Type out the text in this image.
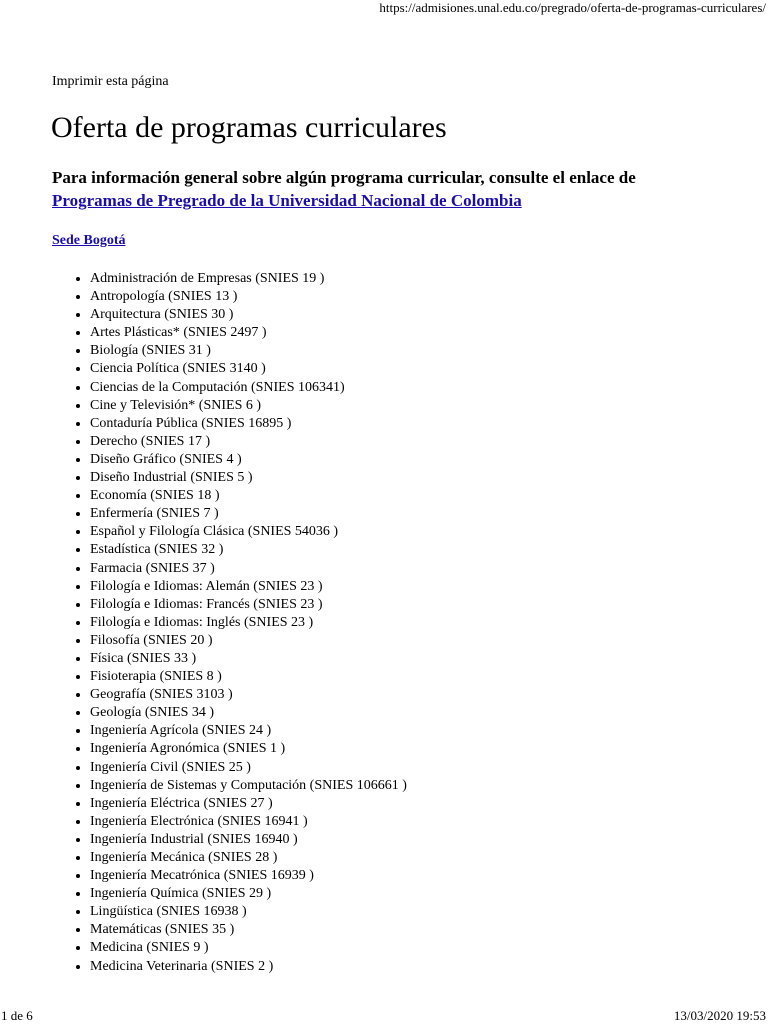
https://admisiones.unal.edu.co/pregrado/oferta-de-programas-curriculares/
Imprimir esta página
Oferta de programas curriculares
Para información general sobre algún programa curricular, consulte el enlace de
Programas de Pregrado de la Universidad Nacional de Colombia
Sede Bogotá
• Administración de Empresas (SNIES 19 )
• Antropología (SNIES 13 )
• Arquitectura (SNIES 30 )
• Artes Plásticas* (SNIES 2497 )
• Biología (SNIES 31 )
• Ciencia Política (SNIES 3140 )
• Ciencias de la Computación (SNIES 106341)
• Cine y Televisión* (SNIES 6 )
• Contaduría Pública (SNIES 16895 )
• Derecho (SNIES 17 )
• Diseño Gráfico (SNIES 4 )
• Diseño Industrial (SNIES 5 )
• Economía (SNIES 18 )
• Enfermería (SNIES 7 )
• Español y Filología Clásica (SNIES 54036 )
• Estadística (SNIES 32 )
• Farmacia (SNIES 37 )
• Filología e Idiomas: Alemán (SNIES 23 )
• Filología e Idiomas: Francés (SNIES 23 )
• Filología e Idiomas: Inglés (SNIES 23 )
• Filosofía (SNIES 20 )
• Física (SNIES 33 )
• Fisioterapia (SNIES 8 )
• Geografía (SNIES 3103 )
• Geología (SNIES 34 )
• Ingeniería Agrícola (SNIES 24 )
• Ingeniería Agronómica (SNIES 1 )
• Ingeniería Civil (SNIES 25 )
• Ingeniería de Sistemas y Computación (SNIES 106661 )
• Ingeniería Eléctrica (SNIES 27 )
• Ingeniería Electrónica (SNIES 16941 )
• Ingeniería Industrial (SNIES 16940 )
• Ingeniería Mecánica (SNIES 28 )
• Ingeniería Mecatrónica (SNIES 16939 )
• Ingeniería Química (SNIES 29 )
• Lingüística (SNIES 16938 )
• Matemáticas (SNIES 35 )
• Medicina (SNIES 9 )
• Medicina Veterinaria (SNIES 2 )
1 de 6	13/03/2020 19:53
